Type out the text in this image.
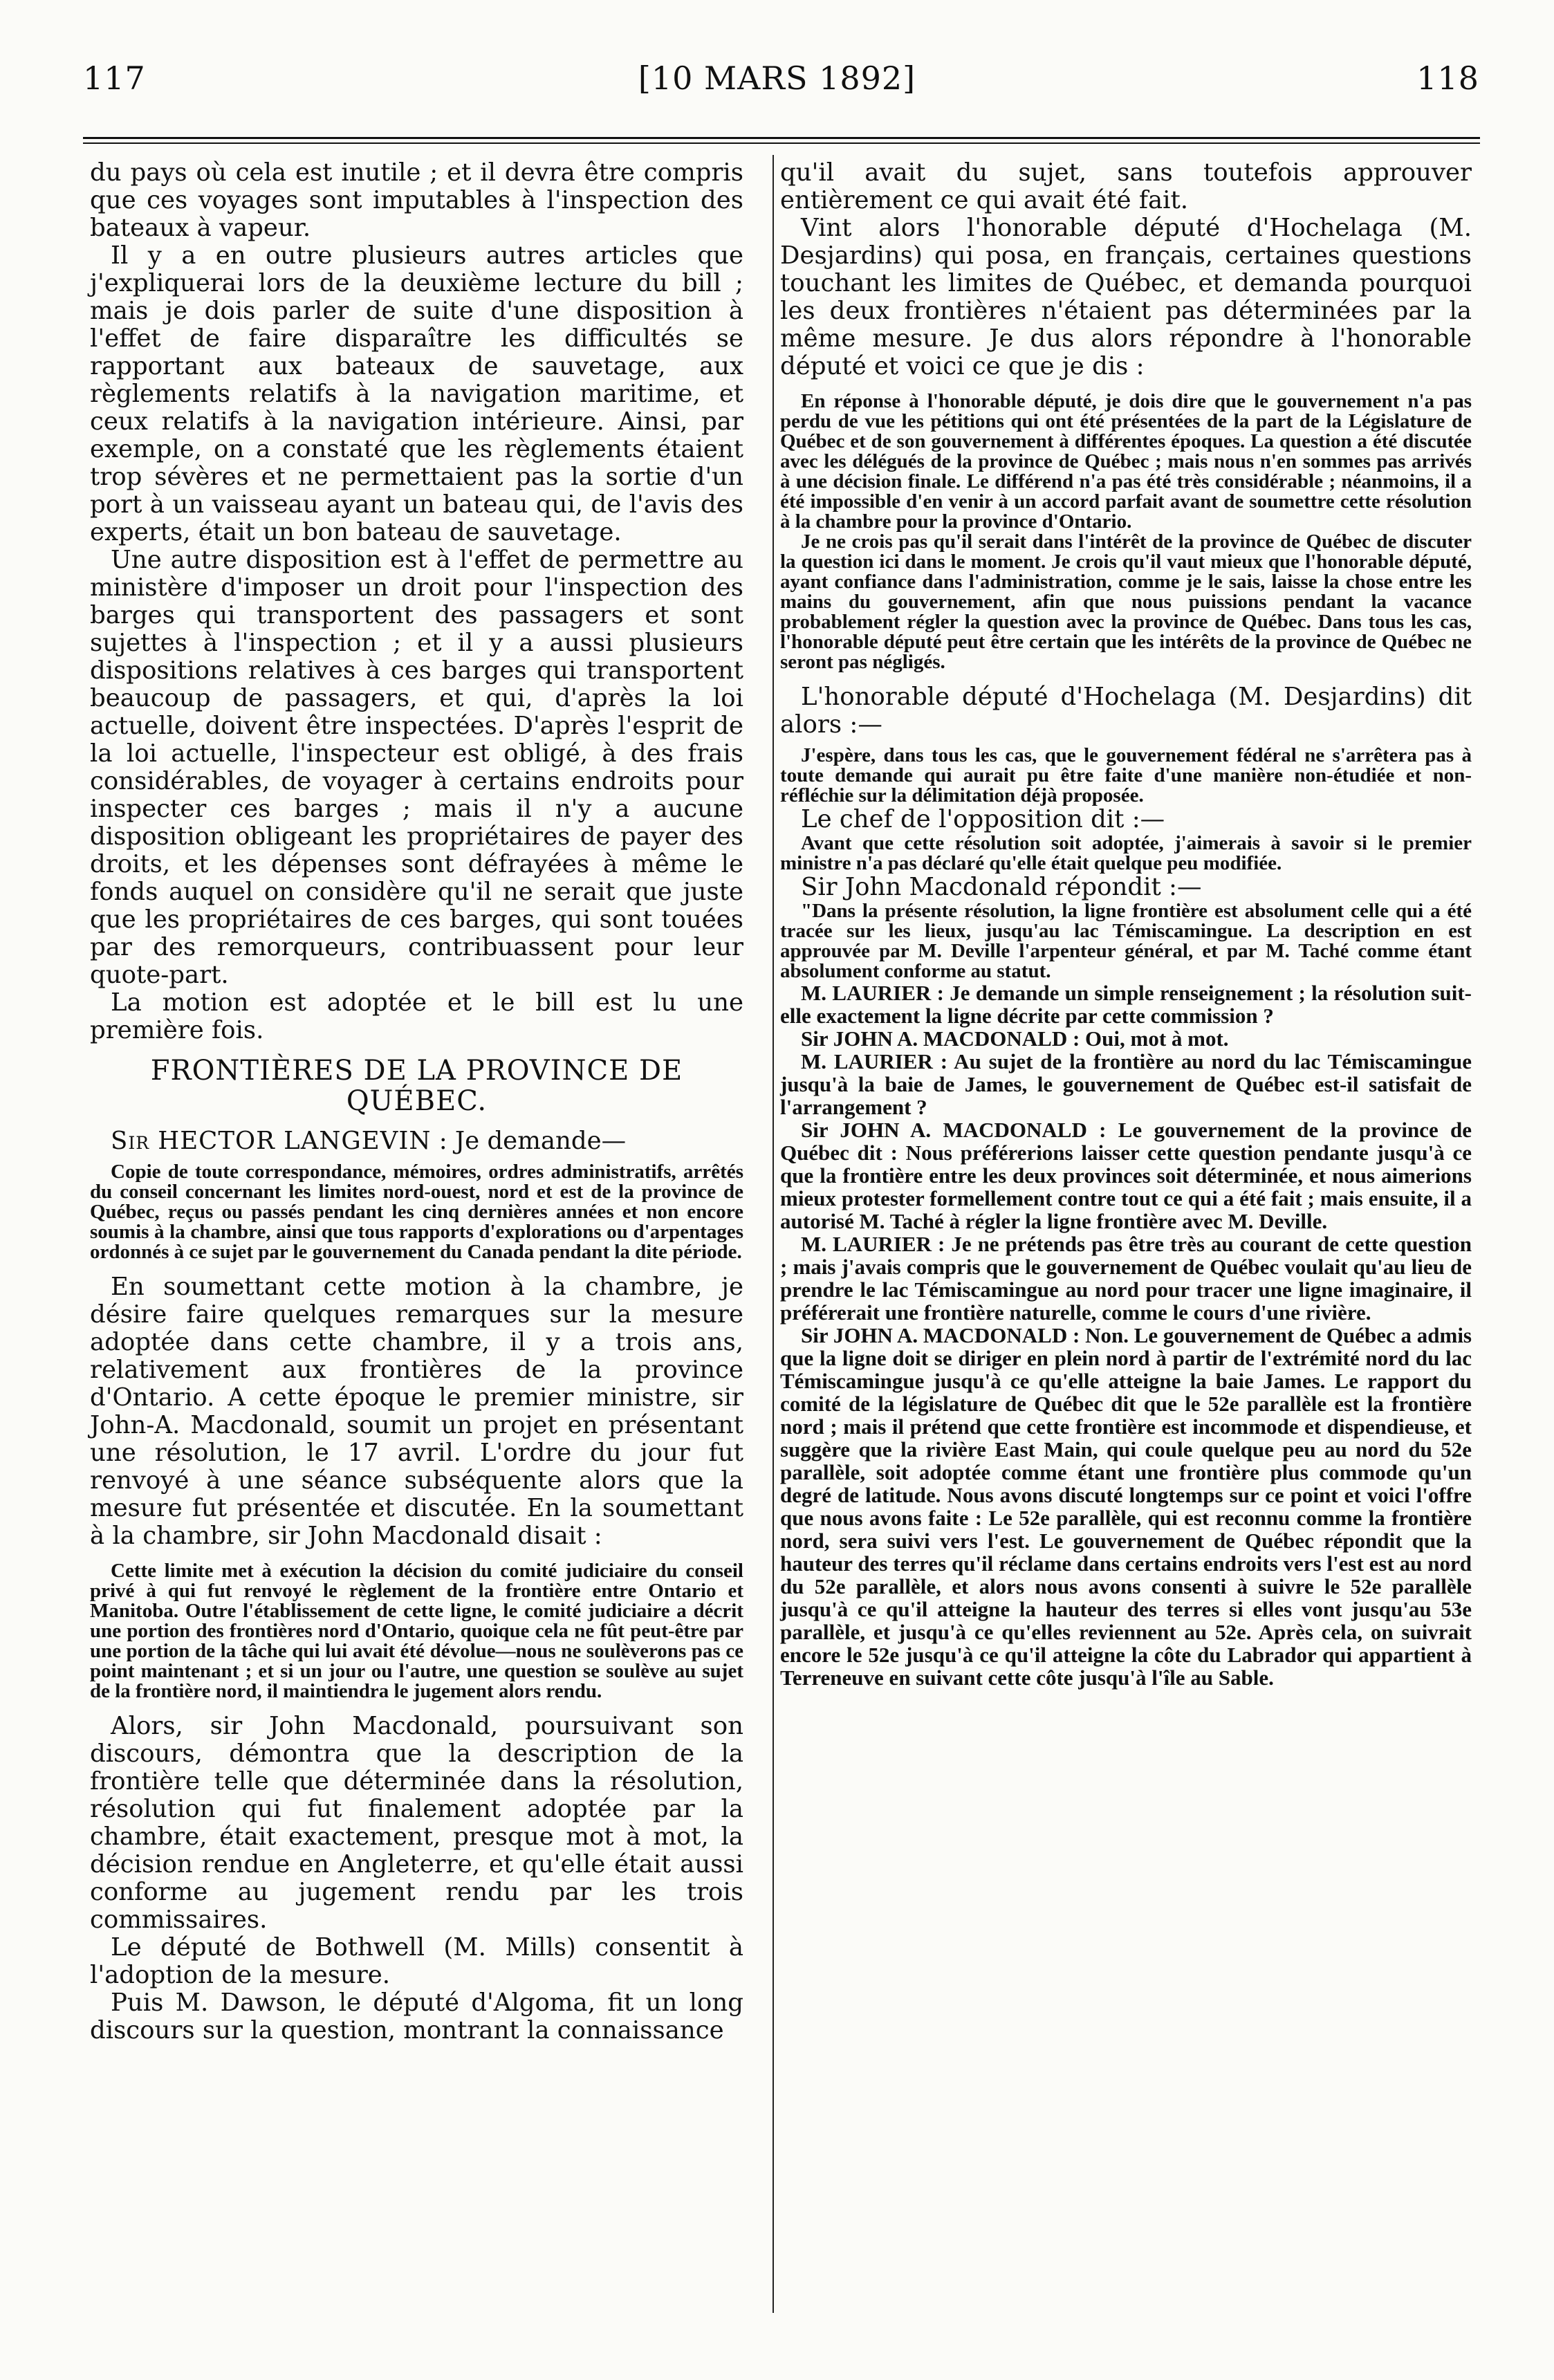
117	[10 MARS 1892]	118

du pays où cela est inutile ; et il devra être compris que ces voyages sont imputables à l'inspection des bateaux à vapeur.

Il y a en outre plusieurs autres articles que j'expliquerai lors de la deuxième lecture du bill ; mais je dois parler de suite d'une disposition à l'effet de faire disparaître les difficultés se rapportant aux bateaux de sauvetage, aux règlements relatifs à la navigation maritime, et ceux relatifs à la navigation intérieure. Ainsi, par exemple, on a constaté que les règlements étaient trop sévères et ne permettaient pas la sortie d'un port à un vaisseau ayant un bateau qui, de l'avis des experts, était un bon bateau de sauvetage.

Une autre disposition est à l'effet de permettre au ministère d'imposer un droit pour l'inspection des barges qui transportent des passagers et sont sujettes à l'inspection ; et il y a aussi plusieurs dispositions relatives à ces barges qui transportent beaucoup de passagers, et qui, d'après la loi actuelle, doivent être inspectées. D'après l'esprit de la loi actuelle, l'inspecteur est obligé, à des frais considérables, de voyager à certains endroits pour inspecter ces barges ; mais il n'y a aucune disposition obligeant les propriétaires de payer des droits, et les dépenses sont défrayées à même le fonds auquel on considère qu'il ne serait que juste que les propriétaires de ces barges, qui sont touées par des remorqueurs, contribuassent pour leur quote-part.

La motion est adoptée et le bill est lu une première fois.

FRONTIÈRES DE LA PROVINCE DE QUÉBEC.

Sir HECTOR LANGEVIN : Je demande—

Copie de toute correspondance, mémoires, ordres administratifs, arrêtés du conseil concernant les limites nord-ouest, nord et est de la province de Québec, reçus ou passés pendant les cinq dernières années et non encore soumis à la chambre, ainsi que tous rapports d'explorations ou d'arpentages ordonnés à ce sujet par le gouvernement du Canada pendant la dite période.

En soumettant cette motion à la chambre, je désire faire quelques remarques sur la mesure adoptée dans cette chambre, il y a trois ans, relativement aux frontières de la province d'Ontario. A cette époque le premier ministre, sir John-A. Macdonald, soumit un projet en présentant une résolution, le 17 avril. L'ordre du jour fut renvoyé à une séance subséquente alors que la mesure fut présentée et discutée. En la soumettant à la chambre, sir John Macdonald disait :

Cette limite met à exécution la décision du comité judiciaire du conseil privé à qui fut renvoyé le règlement de la frontière entre Ontario et Manitoba. Outre l'établissement de cette ligne, le comité judiciaire a décrit une portion des frontières nord d'Ontario, quoique cela ne fût peut-être par une portion de la tâche qui lui avait été dévolue—nous ne soulèverons pas ce point maintenant ; et si un jour ou l'autre, une question se soulève au sujet de la frontière nord, il maintiendra le jugement alors rendu.

Alors, sir John Macdonald, poursuivant son discours, démontra que la description de la frontière telle que déterminée dans la résolution, résolution qui fut finalement adoptée par la chambre, était exactement, presque mot à mot, la décision rendue en Angleterre, et qu'elle était aussi conforme au jugement rendu par les trois commissaires.

Le député de Bothwell (M. Mills) consentit à l'adoption de la mesure.

Puis M. Dawson, le député d'Algoma, fit un long discours sur la question, montrant la connaissance

qu'il avait du sujet, sans toutefois approuver entièrement ce qui avait été fait.

Vint alors l'honorable député d'Hochelaga (M. Desjardins) qui posa, en français, certaines questions touchant les limites de Québec, et demanda pourquoi les deux frontières n'étaient pas déterminées par la même mesure. Je dus alors répondre à l'honorable député et voici ce que je dis :

En réponse à l'honorable député, je dois dire que le gouvernement n'a pas perdu de vue les pétitions qui ont été présentées de la part de la Législature de Québec et de son gouvernement à différentes époques. La question a été discutée avec les délégués de la province de Québec ; mais nous n'en sommes pas arrivés à une décision finale. Le différend n'a pas été très considérable ; néanmoins, il a été impossible d'en venir à un accord parfait avant de soumettre cette résolution à la chambre pour la province d'Ontario.

Je ne crois pas qu'il serait dans l'intérêt de la province de Québec de discuter la question ici dans le moment. Je crois qu'il vaut mieux que l'honorable député, ayant confiance dans l'administration, comme je le sais, laisse la chose entre les mains du gouvernement, afin que nous puissions pendant la vacance probablement régler la question avec la province de Québec. Dans tous les cas, l'honorable député peut être certain que les intérêts de la province de Québec ne seront pas négligés.

L'honorable député d'Hochelaga (M. Desjardins) dit alors :—

J'espère, dans tous les cas, que le gouvernement fédéral ne s'arrêtera pas à toute demande qui aurait pu être faite d'une manière non-étudiée et non-réfléchie sur la délimitation déjà proposée.

Le chef de l'opposition dit :—

Avant que cette résolution soit adoptée, j'aimerais à savoir si le premier ministre n'a pas déclaré qu'elle était quelque peu modifiée.

Sir John Macdonald répondit :—

"Dans la présente résolution, la ligne frontière est absolument celle qui a été tracée sur les lieux, jusqu'au lac Témiscamingue. La description en est approuvée par M. Deville l'arpenteur général, et par M. Taché comme étant absolument conforme au statut.

M. LAURIER : Je demande un simple renseignement ; la résolution suit-elle exactement la ligne décrite par cette commission ?

Sir JOHN A. MACDONALD : Oui, mot à mot.

M. LAURIER : Au sujet de la frontière au nord du lac Témiscamingue jusqu'à la baie de James, le gouvernement de Québec est-il satisfait de l'arrangement ?

Sir JOHN A. MACDONALD : Le gouvernement de la province de Québec dit : Nous préférerions laisser cette question pendante jusqu'à ce que la frontière entre les deux provinces soit déterminée, et nous aimerions mieux protester formellement contre tout ce qui a été fait ; mais ensuite, il a autorisé M. Taché à régler la ligne frontière avec M. Deville.

M. LAURIER : Je ne prétends pas être très au courant de cette question ; mais j'avais compris que le gouvernement de Québec voulait qu'au lieu de prendre le lac Témiscamingue au nord pour tracer une ligne imaginaire, il préférerait une frontière naturelle, comme le cours d'une rivière.

Sir JOHN A. MACDONALD : Non. Le gouvernement de Québec a admis que la ligne doit se diriger en plein nord à partir de l'extrémité nord du lac Témiscamingue jusqu'à ce qu'elle atteigne la baie James. Le rapport du comité de la législature de Québec dit que le 52e parallèle est la frontière nord ; mais il prétend que cette frontière est incommode et dispendieuse, et suggère que la rivière East Main, qui coule quelque peu au nord du 52e parallèle, soit adoptée comme étant une frontière plus commode qu'un degré de latitude. Nous avons discuté longtemps sur ce point et voici l'offre que nous avons faite : Le 52e parallèle, qui est reconnu comme la frontière nord, sera suivi vers l'est. Le gouvernement de Québec répondit que la hauteur des terres qu'il réclame dans certains endroits vers l'est est au nord du 52e parallèle, et alors nous avons consenti à suivre le 52e parallèle jusqu'à ce qu'il atteigne la hauteur des terres si elles vont jusqu'au 53e parallèle, et jusqu'à ce qu'elles reviennent au 52e. Après cela, on suivrait encore le 52e jusqu'à ce qu'il atteigne la côte du Labrador qui appartient à Terreneuve en suivant cette côte jusqu'à l'île au Sable.
